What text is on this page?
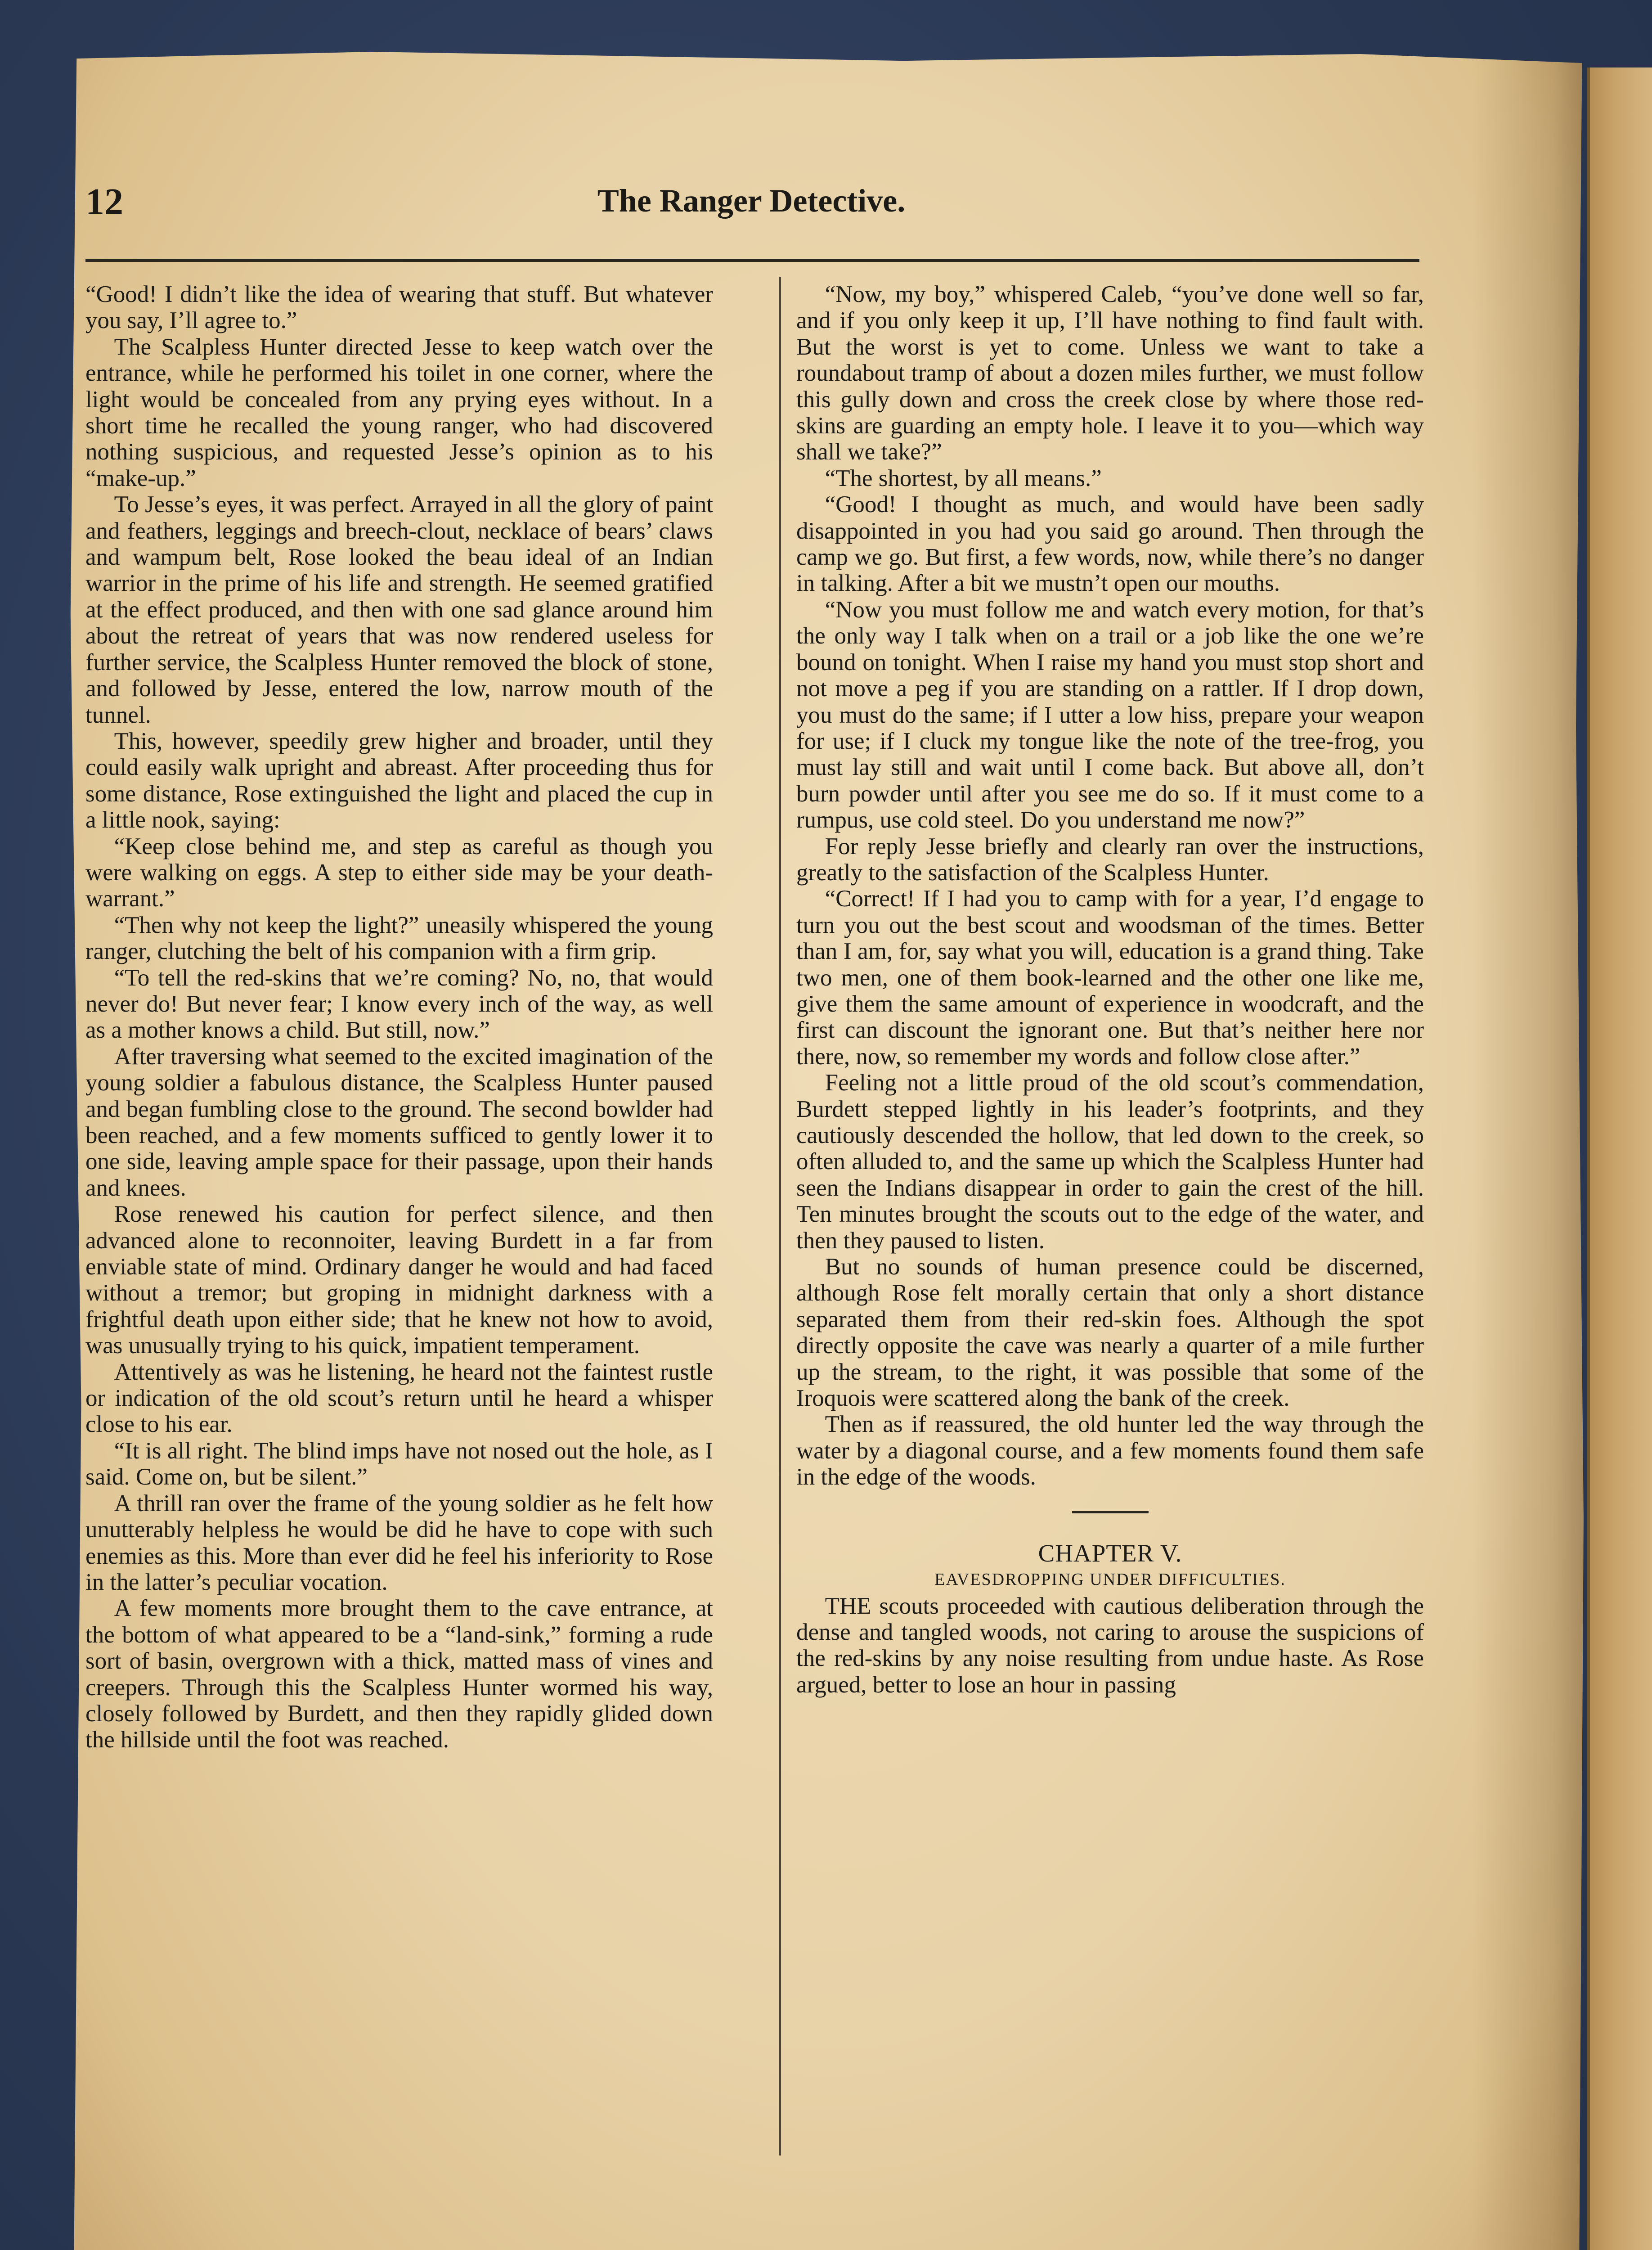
12	The Ranger Detective.

“Good! I didn’t like the idea of wearing that stuff. But whatever you say, I’ll agree to.”

The Scalpless Hunter directed Jesse to keep watch over the entrance, while he performed his toilet in one corner, where the light would be concealed from any prying eyes without. In a short time he recalled the young ranger, who had discovered nothing suspicious, and requested Jesse’s opinion as to his “make-up.”

To Jesse’s eyes, it was perfect. Arrayed in all the glory of paint and feathers, leggings and breech-clout, necklace of bears’ claws and wampum belt, Rose looked the beau ideal of an Indian warrior in the prime of his life and strength. He seemed gratified at the effect produced, and then with one sad glance around him about the retreat of years that was now rendered useless for further service, the Scalpless Hunter removed the block of stone, and followed by Jesse, entered the low, narrow mouth of the tunnel.

This, however, speedily grew higher and broader, until they could easily walk upright and abreast. After proceeding thus for some distance, Rose extinguished the light and placed the cup in a little nook, saying:

“Keep close behind me, and step as careful as though you were walking on eggs. A step to either side may be your death-warrant.”

“Then why not keep the light?” uneasily whispered the young ranger, clutching the belt of his companion with a firm grip.

“To tell the red-skins that we’re coming? No, no, that would never do! But never fear; I know every inch of the way, as well as a mother knows a child. But still, now.”

After traversing what seemed to the excited imagination of the young soldier a fabulous distance, the Scalpless Hunter paused and began fumbling close to the ground. The second bowlder had been reached, and a few moments sufficed to gently lower it to one side, leaving ample space for their passage, upon their hands and knees.

Rose renewed his caution for perfect silence, and then advanced alone to reconnoiter, leaving Burdett in a far from enviable state of mind. Ordinary danger he would and had faced without a tremor; but groping in midnight darkness with a frightful death upon either side; that he knew not how to avoid, was unusually trying to his quick, impatient temperament.

Attentively as was he listening, he heard not the faintest rustle or indication of the old scout’s return until he heard a whisper close to his ear.

“It is all right. The blind imps have not nosed out the hole, as I said. Come on, but be silent.”

A thrill ran over the frame of the young soldier as he felt how unutterably helpless he would be did he have to cope with such enemies as this. More than ever did he feel his inferiority to Rose in the latter’s peculiar vocation.

A few moments more brought them to the cave entrance, at the bottom of what appeared to be a “land-sink,” forming a rude sort of basin, overgrown with a thick, matted mass of vines and creepers. Through this the Scalpless Hunter wormed his way, closely followed by Burdett, and then they rapidly glided down the hillside until the foot was reached.

“Now, my boy,” whispered Caleb, “you’ve done well so far, and if you only keep it up, I’ll have nothing to find fault with. But the worst is yet to come. Unless we want to take a roundabout tramp of about a dozen miles further, we must follow this gully down and cross the creek close by where those red-skins are guarding an empty hole. I leave it to you—which way shall we take?”

“The shortest, by all means.”

“Good! I thought as much, and would have been sadly disappointed in you had you said go around. Then through the camp we go. But first, a few words, now, while there’s no danger in talking. After a bit we mustn’t open our mouths.

“Now you must follow me and watch every motion, for that’s the only way I talk when on a trail or a job like the one we’re bound on tonight. When I raise my hand you must stop short and not move a peg if you are standing on a rattler. If I drop down, you must do the same; if I utter a low hiss, prepare your weapon for use; if I cluck my tongue like the note of the tree-frog, you must lay still and wait until I come back. But above all, don’t burn powder until after you see me do so. If it must come to a rumpus, use cold steel. Do you understand me now?”

For reply Jesse briefly and clearly ran over the instructions, greatly to the satisfaction of the Scalpless Hunter.

“Correct! If I had you to camp with for a year, I’d engage to turn you out the best scout and woodsman of the times. Better than I am, for, say what you will, education is a grand thing. Take two men, one of them book-learned and the other one like me, give them the same amount of experience in woodcraft, and the first can discount the ignorant one. But that’s neither here nor there, now, so remember my words and follow close after.”

Feeling not a little proud of the old scout’s commendation, Burdett stepped lightly in his leader’s footprints, and they cautiously descended the hollow, that led down to the creek, so often alluded to, and the same up which the Scalpless Hunter had seen the Indians disappear in order to gain the crest of the hill. Ten minutes brought the scouts out to the edge of the water, and then they paused to listen.

But no sounds of human presence could be discerned, although Rose felt morally certain that only a short distance separated them from their red-skin foes. Although the spot directly opposite the cave was nearly a quarter of a mile further up the stream, to the right, it was possible that some of the Iroquois were scattered along the bank of the creek.

Then as if reassured, the old hunter led the way through the water by a diagonal course, and a few moments found them safe in the edge of the woods.

CHAPTER V.

EAVESDROPPING UNDER DIFFICULTIES.

THE scouts proceeded with cautious deliberation through the dense and tangled woods, not caring to arouse the suspicions of the red-skins by any noise resulting from undue haste. As Rose argued, better to lose an hour in passing
